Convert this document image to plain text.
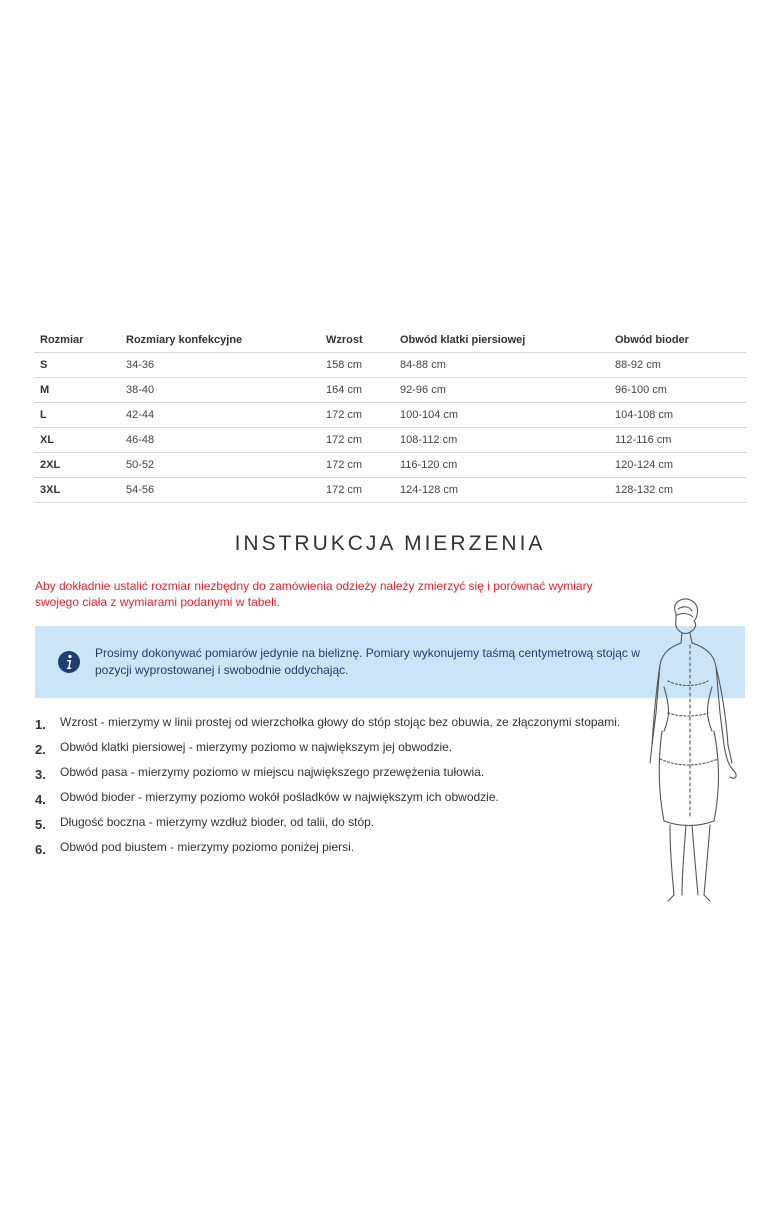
Rozmiar	Rozmiary konfekcyjne	Wzrost	Obwód klatki piersiowej	Obwód bioder
S	34-36	158 cm	84-88 cm	88-92 cm
M	38-40	164 cm	92-96 cm	96-100 cm
L	42-44	172 cm	100-104 cm	104-108 cm
XL	46-48	172 cm	108-112 cm	112-116 cm
2XL	50-52	172 cm	116-120 cm	120-124 cm
3XL	54-56	172 cm	124-128 cm	128-132 cm
INSTRUKCJA MIERZENIA

Aby dokładnie ustalić rozmiar niezbędny do zamówienia odzieży należy zmierzyć się i porównać wymiary swojego ciała z wymiarami podanymi w tabeli.

Prosimy dokonywać pomiarów jedynie na bieliznę. Pomiary wykonujemy taśmą centymetrową stojąc w pozycji wyprostowanej i swobodnie oddychając.

1. Wzrost - mierzymy w linii prostej od wierzchołka głowy do stóp stojąc bez obuwia, ze złączonymi stopami.
2. Obwód klatki piersiowej - mierzymy poziomo w największym jej obwodzie.
3. Obwód pasa - mierzymy poziomo w miejscu największego przewężenia tułowia.
4. Obwód bioder - mierzymy poziomo wokół pośladków w największym ich obwodzie.
5. Długość boczna - mierzymy wzdłuż bioder, od talii, do stóp.
6. Obwód pod biustem - mierzymy poziomo poniżej piersi.
